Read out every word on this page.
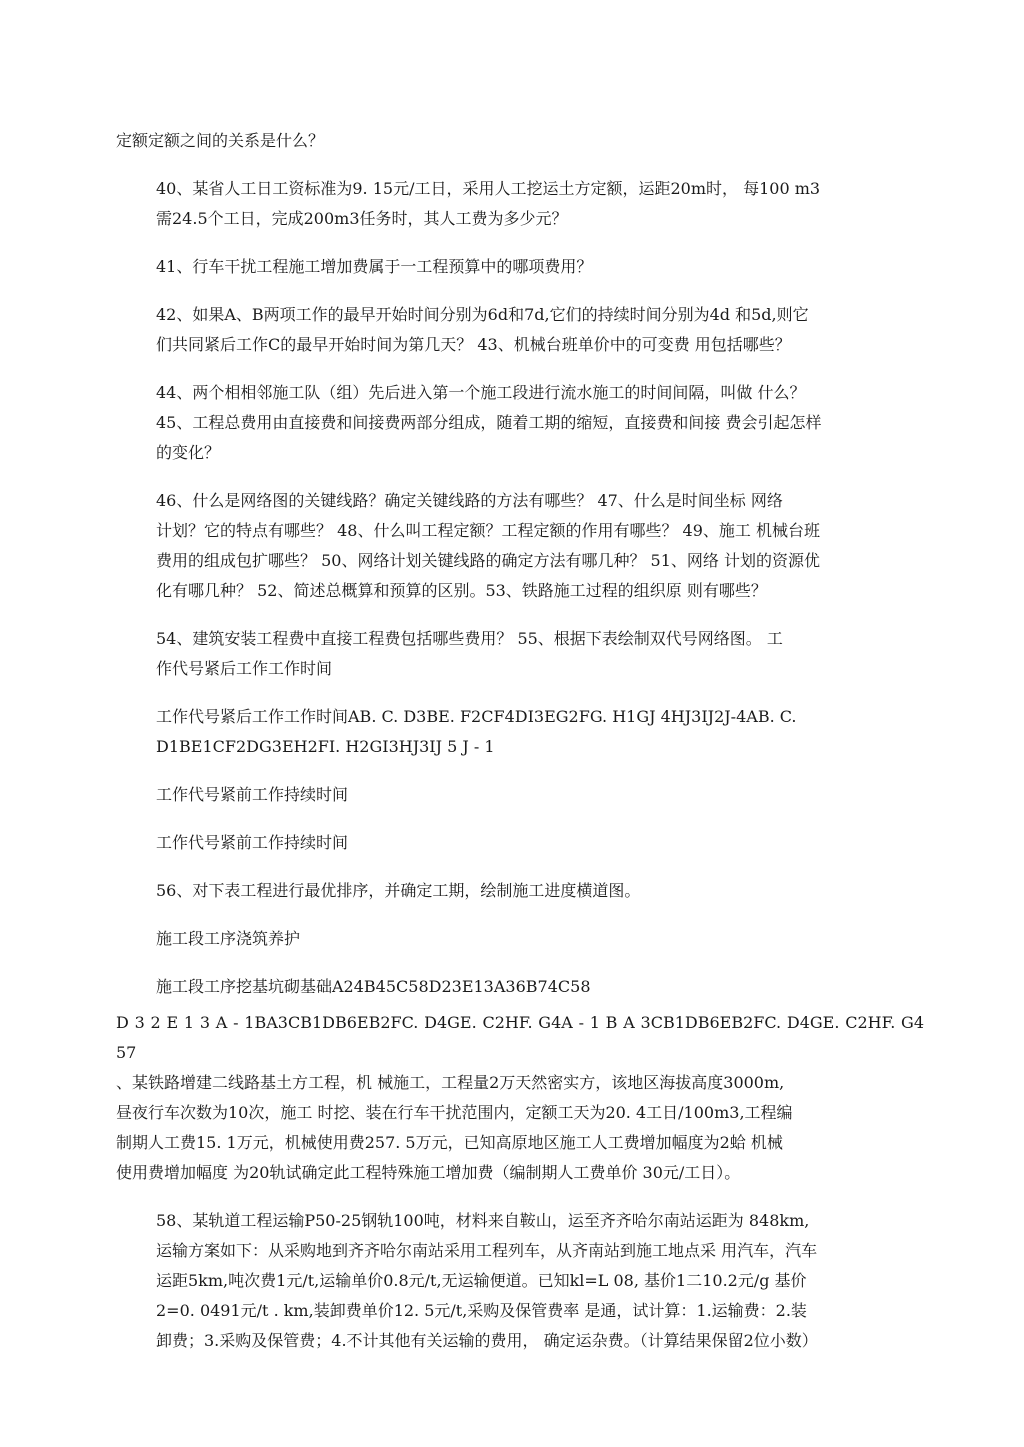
定额定额之间的关系是什么？
40、某省人工日工资标准为9. 15元/工日，采用人工挖运土方定额，运距20m时， 每100 m3
需24.5个工日，完成200m3任务时，其人工费为多少元？
41、行车干扰工程施工增加费属于一工程预算中的哪项费用？
42、如果A、B两项工作的最早开始时间分别为6d和7d,它们的持续时间分别为4d 和5d,则它
们共同紧后工作C的最早开始时间为第几天？ 43、机械台班单价中的可变费 用包括哪些？
44、两个相相邻施工队（组）先后进入第一个施工段进行流水施工的时间间隔，叫做 什么？
45、工程总费用由直接费和间接费两部分组成，随着工期的缩短，直接费和间接 费会引起怎样
的变化？
46、什么是网络图的关键线路？确定关键线路的方法有哪些？ 47、什么是时间坐标 网络
计划？它的特点有哪些？ 48、什么叫工程定额？工程定额的作用有哪些？ 49、施工 机械台班
费用的组成包扩哪些？ 50、网络计划关键线路的确定方法有哪几种？ 51、网络 计划的资源优
化有哪几种？ 52、简述总概算和预算的区别。53、铁路施工过程的组织原 则有哪些？
54、建筑安装工程费中直接工程费包括哪些费用？ 55、根据下表绘制双代号网络图。 工
作代号紧后工作工作时间
工作代号紧后工作工作时间AB. C. D3BE. F2CF4DI3EG2FG. H1GJ 4HJ3IJ2J-4AB. C.
D1BE1CF2DG3EH2FI. H2GI3HJ3IJ 5 J - 1
工作代号紧前工作持续时间
工作代号紧前工作持续时间
56、对下表工程进行最优排序，并确定工期，绘制施工进度横道图。
施工段工序浇筑养护
施工段工序挖基坑砌基础A24B45C58D23E13A36B74C58
D 3 2 E 1 3 A - 1BA3CB1DB6EB2FC. D4GE. C2HF. G4A - 1 B A 3CB1DB6EB2FC. D4GE. C2HF. G4 57
、某铁路增建二线路基土方工程，机 械施工，工程量2万天然密实方，该地区海拔高度3000m,
昼夜行车次数为10次，施工 时挖、装在行车干扰范围内，定额工天为20. 4工日/100m3,工程编
制期人工费15. 1万元，机械使用费257. 5万元，已知高原地区施工人工费增加幅度为2蛤 机械
使用费增加幅度 为20轨试确定此工程特殊施工增加费（编制期人工费单价 30元/工日）。
58、某轨道工程运输P50-25钢轨100吨，材料来自鞍山，运至齐齐哈尔南站运距为 848km,
运输方案如下：从采购地到齐齐哈尔南站采用工程列车，从齐南站到施工地点采 用汽车，汽车
运距5km,吨次费1元/t,运输单价0.8元/t,无运输便道。已知kl=L 08, 基价1二10.2元/g 基价
2=0. 0491元/t . km,装卸费单价12. 5元/t,采购及保管费率 是通，试计算：1.运输费：2.装
卸费；3.采购及保管费；4.不计其他有关运输的费用， 确定运杂费。（计算结果保留2位小数）
